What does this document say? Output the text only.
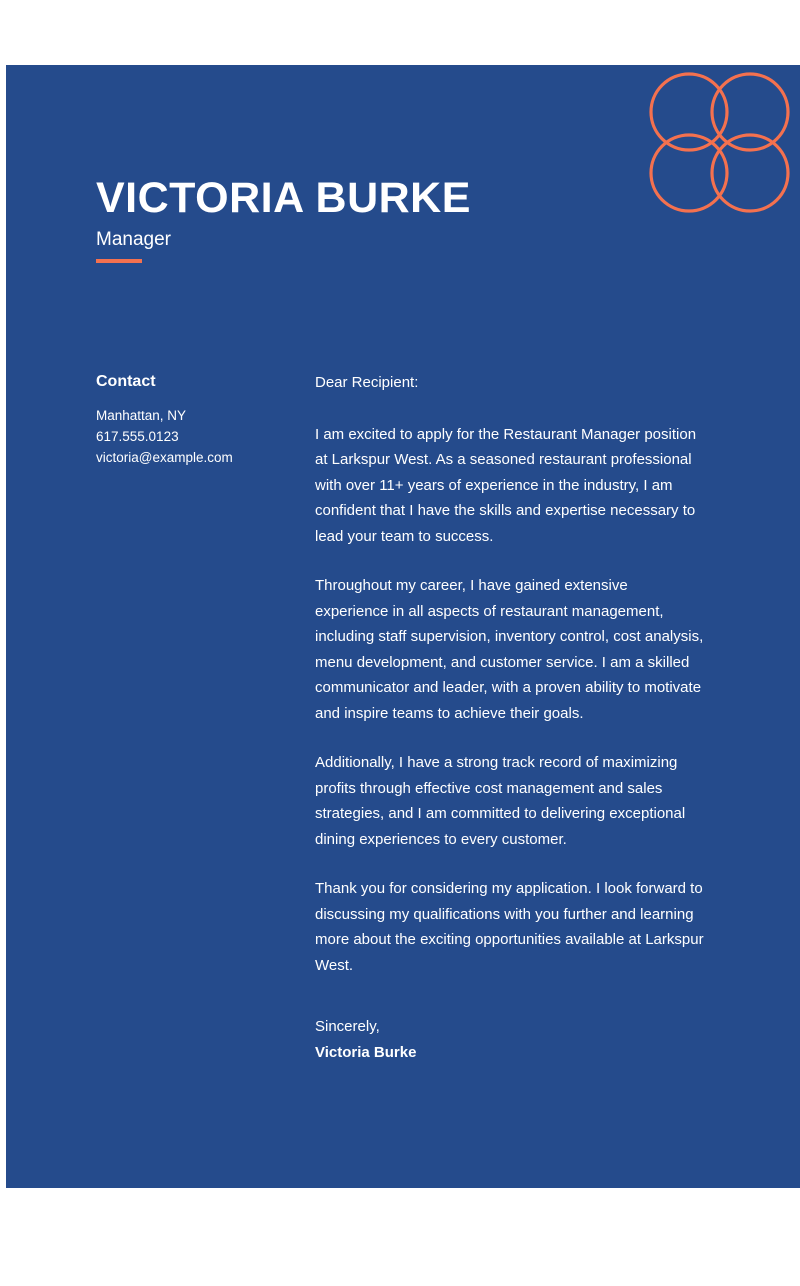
VICTORIA BURKE
Manager
Contact
Manhattan, NY
617.555.0123
victoria@example.com

Dear Recipient:

I am excited to apply for the Restaurant Manager position at Larkspur West. As a seasoned restaurant professional with over 11+ years of experience in the industry, I am confident that I have the skills and expertise necessary to lead your team to success.

Throughout my career, I have gained extensive experience in all aspects of restaurant management, including staff supervision, inventory control, cost analysis, menu development, and customer service. I am a skilled communicator and leader, with a proven ability to motivate and inspire teams to achieve their goals.

Additionally, I have a strong track record of maximizing profits through effective cost management and sales strategies, and I am committed to delivering exceptional dining experiences to every customer.

Thank you for considering my application. I look forward to discussing my qualifications with you further and learning more about the exciting opportunities available at Larkspur West.

Sincerely,

Victoria Burke
